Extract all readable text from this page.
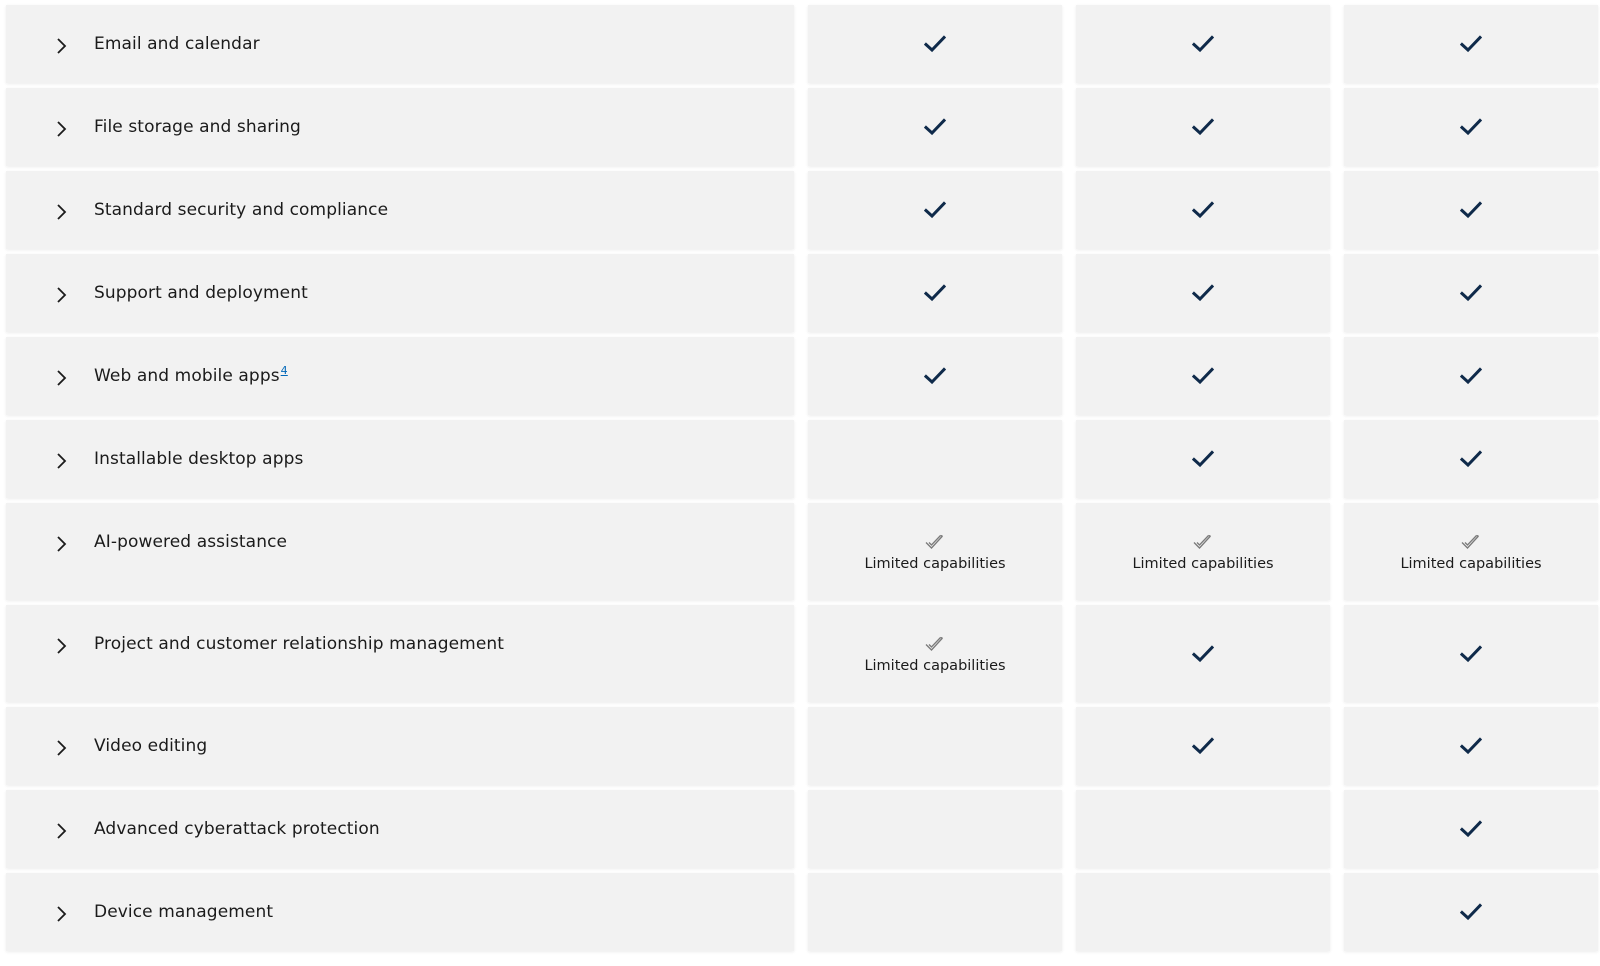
Email and calendar
File storage and sharing
Standard security and compliance
Support and deployment
Web and mobile apps$^4$
Installable desktop apps
AI-powered assistance
Limited capabilities	Limited capabilities	Limited capabilities
Project and customer relationship management
Limited capabilities
Video editing
Advanced cyberattack protection
Device management
